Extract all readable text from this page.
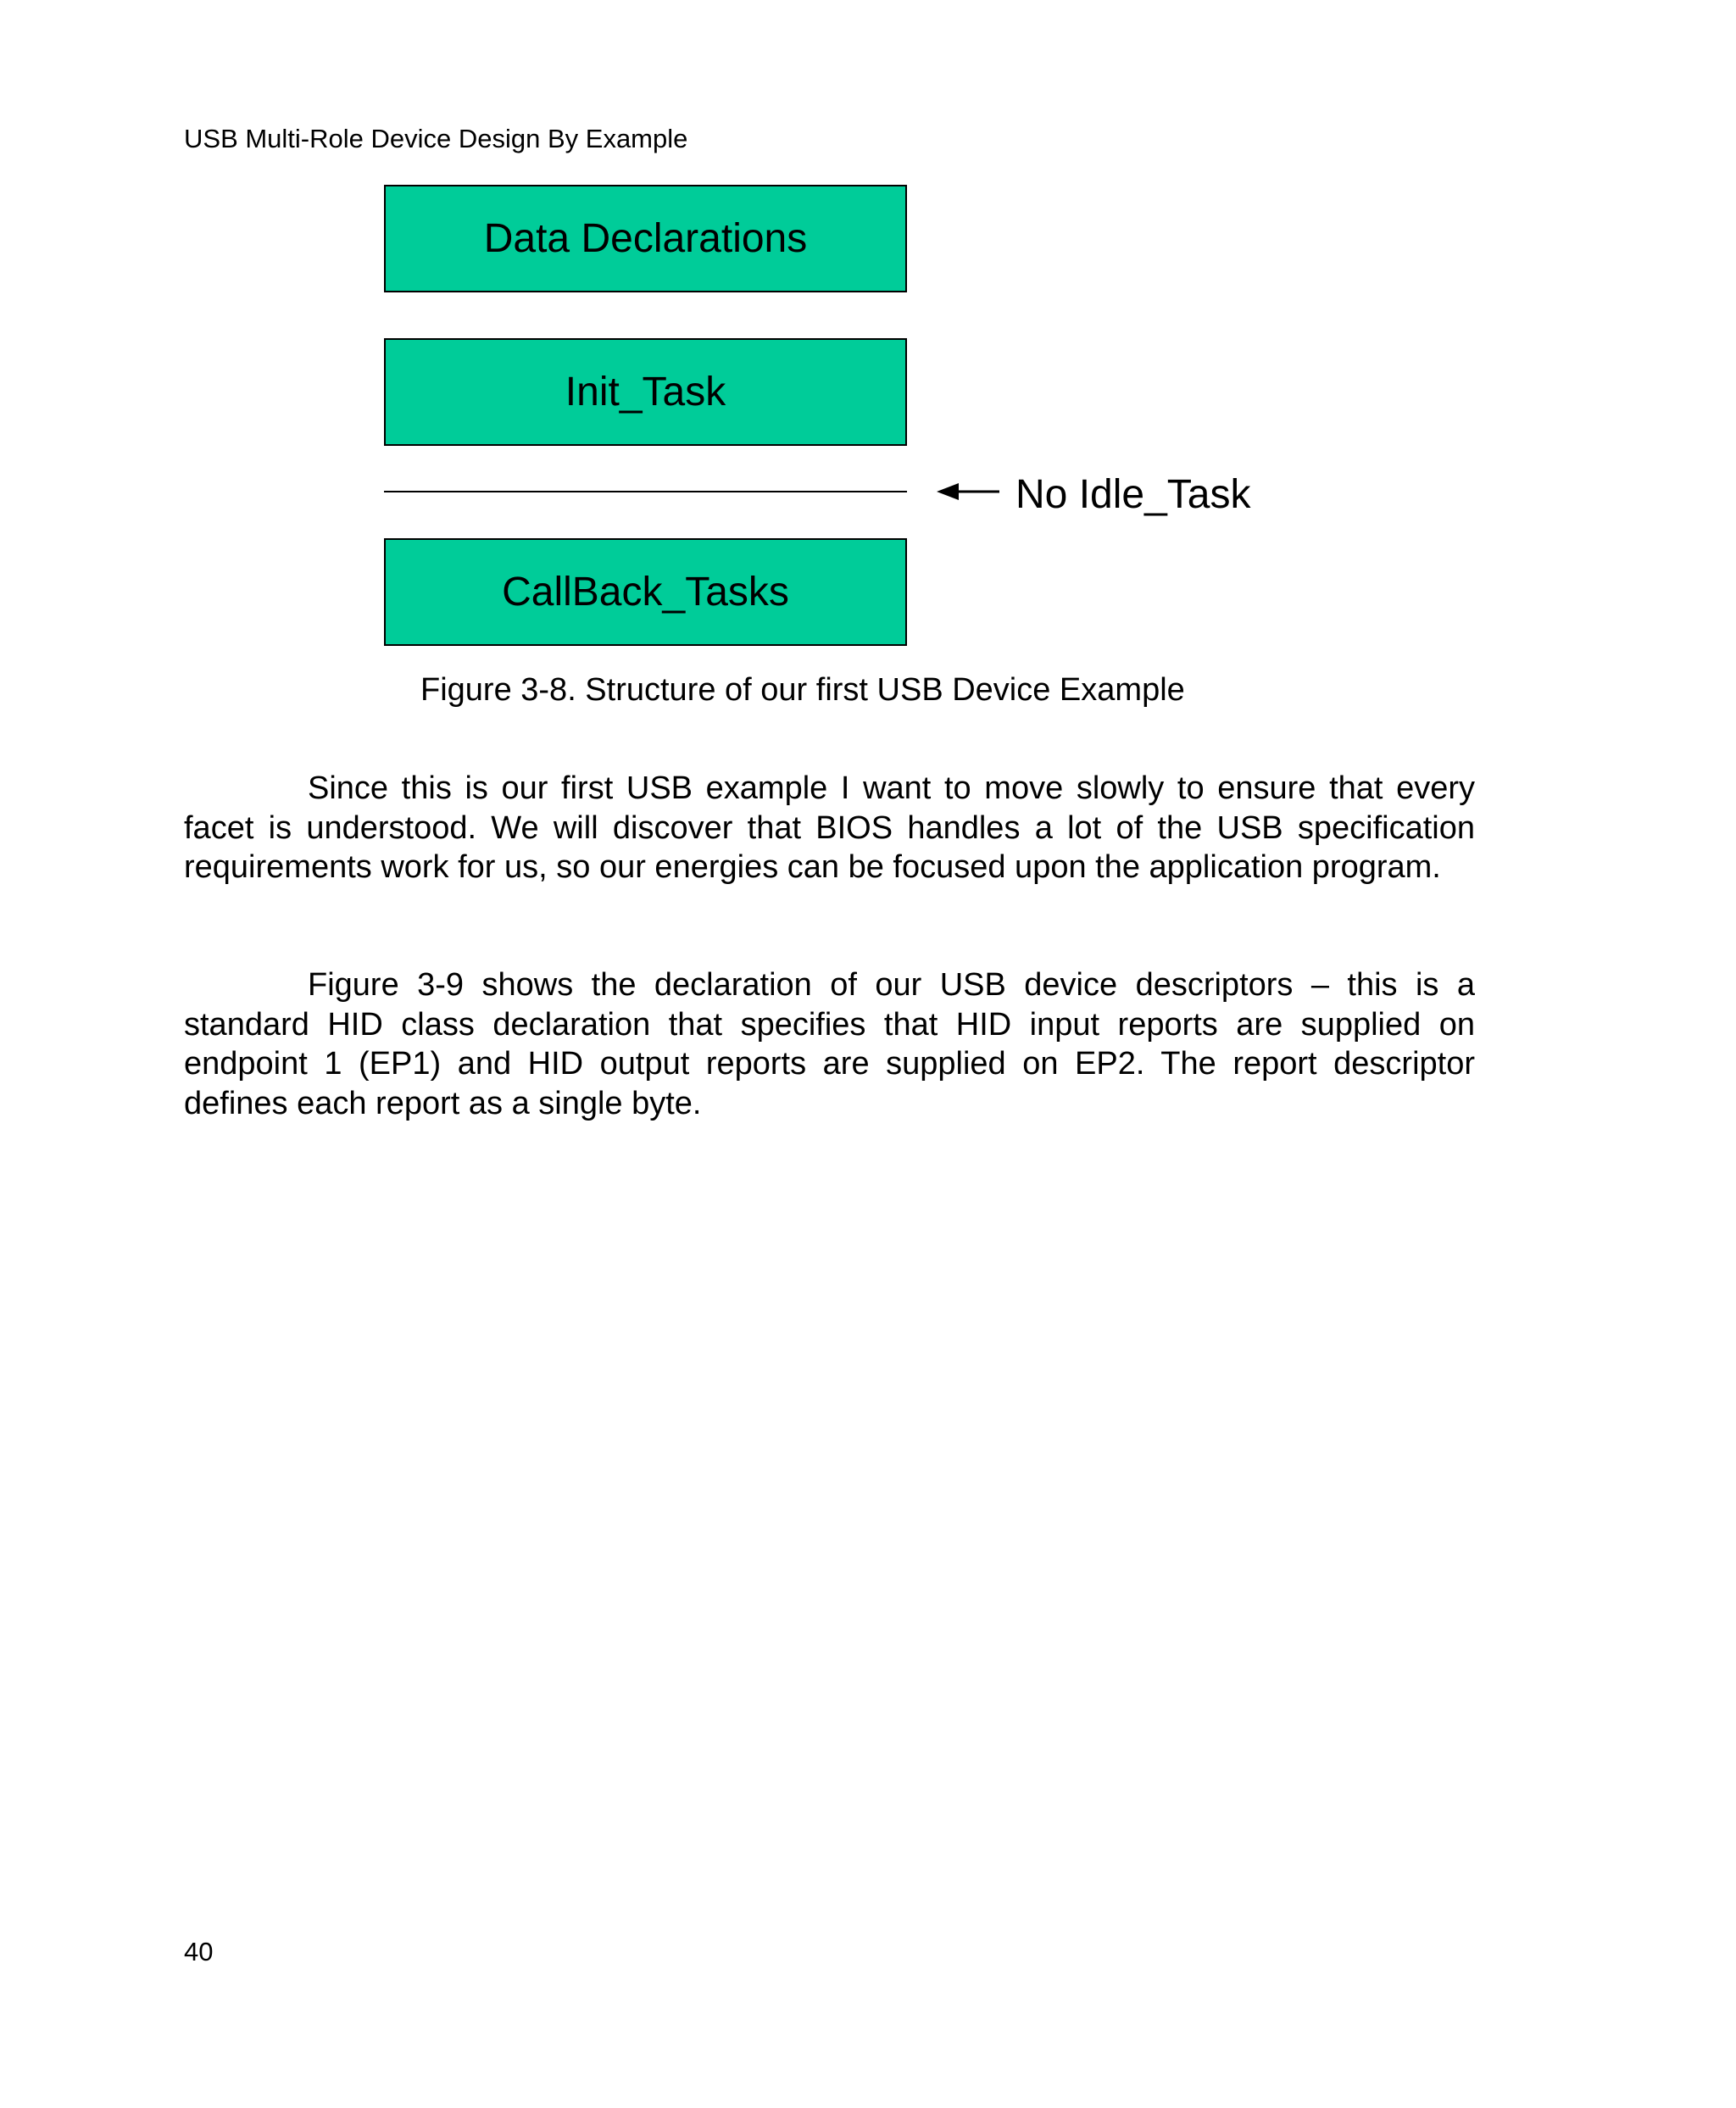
USB Multi-Role Device Design By Example
Data Declarations
Init_Task
No Idle_Task
CallBack_Tasks
Figure 3-8. Structure of our first USB Device Example

Since this is our first USB example I want to move slowly to ensure that every facet is understood. We will discover that BIOS handles a lot of the USB specification requirements work for us, so our energies can be focused upon the application program.

Figure 3-9 shows the declaration of our USB device descriptors – this is a standard HID class declaration that specifies that HID input reports are supplied on endpoint 1 (EP1) and HID output reports are supplied on EP2. The report descriptor defines each report as a single byte.

40
